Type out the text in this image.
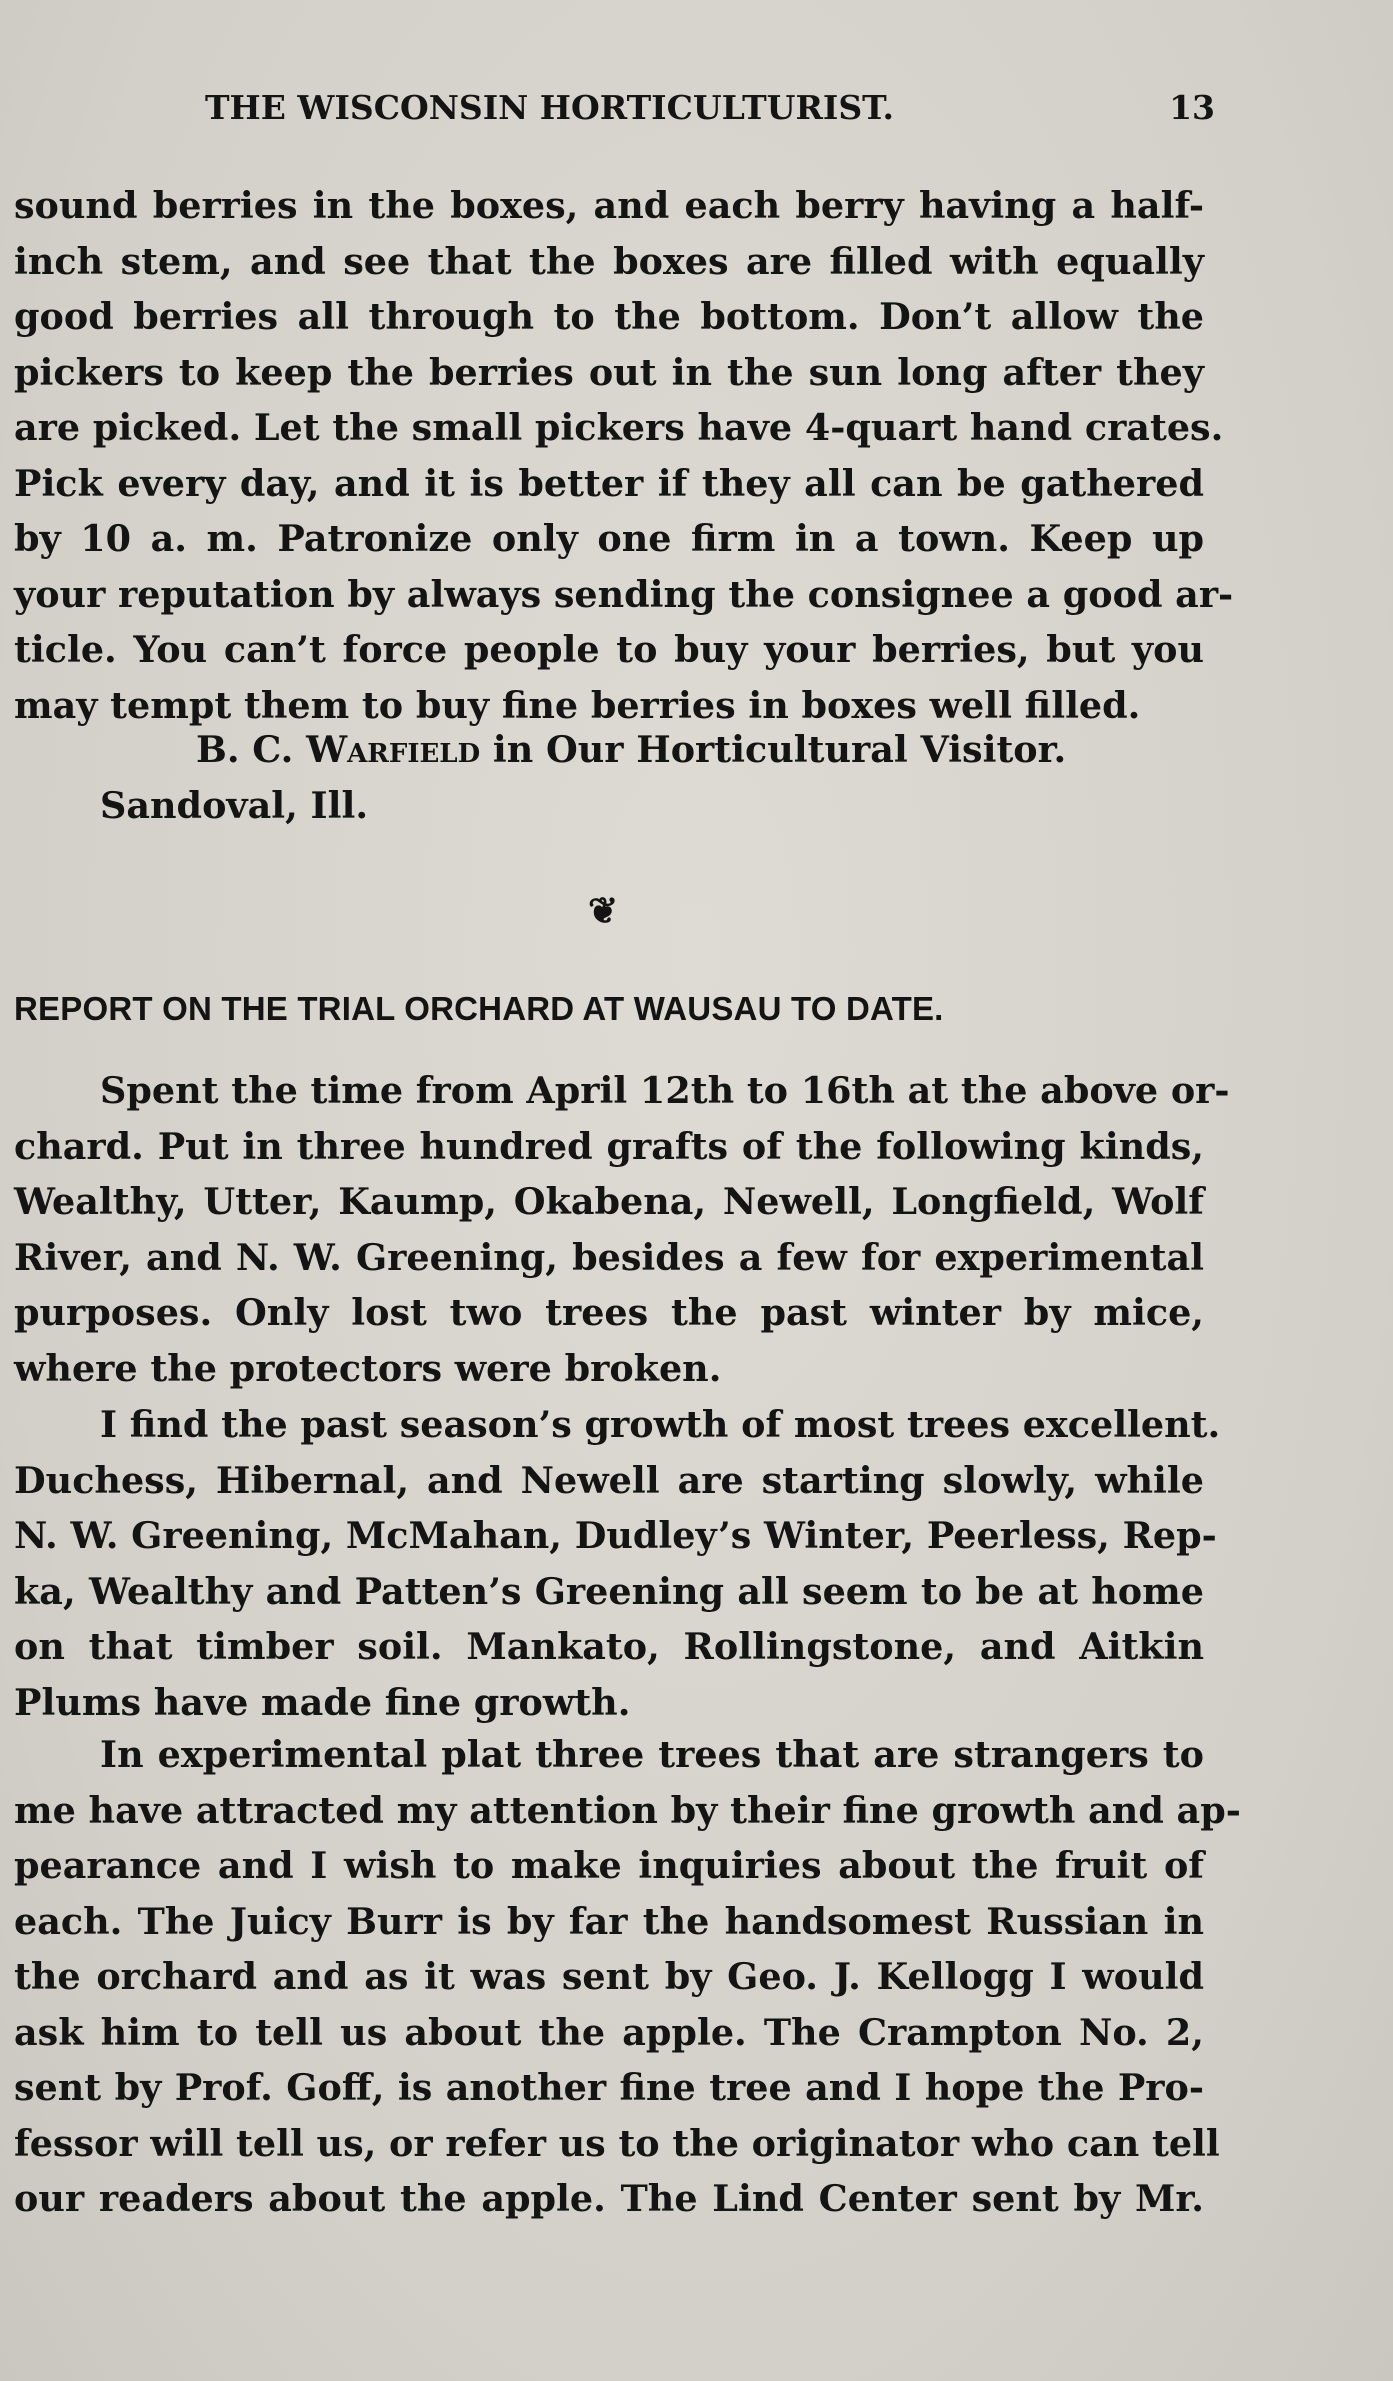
THE WISCONSIN HORTICULTURIST.	13
sound berries in the boxes, and each berry having a half-
inch stem, and see that the boxes are filled with equally
good berries all through to the bottom. Don’t allow the
pickers to keep the berries out in the sun long after they
are picked. Let the small pickers have 4-quart hand crates.
Pick every day, and it is better if they all can be gathered
by 10 a. m. Patronize only one firm in a town. Keep up
your reputation by always sending the consignee a good ar-
ticle. You can’t force people to buy your berries, but you
may tempt them to buy fine berries in boxes well filled.
B. C. Warfield in Our Horticultural Visitor.
Sandoval, Ill.
❦
REPORT ON THE TRIAL ORCHARD AT WAUSAU TO DATE.
Spent the time from April 12th to 16th at the above or-
chard. Put in three hundred grafts of the following kinds,
Wealthy, Utter, Kaump, Okabena, Newell, Longfield, Wolf
River, and N. W. Greening, besides a few for experimental
purposes. Only lost two trees the past winter by mice,
where the protectors were broken.
I find the past season’s growth of most trees excellent.
Duchess, Hibernal, and Newell are starting slowly, while
N. W. Greening, McMahan, Dudley’s Winter, Peerless, Rep-
ka, Wealthy and Patten’s Greening all seem to be at home
on that timber soil. Mankato, Rollingstone, and Aitkin
Plums have made fine growth.
In experimental plat three trees that are strangers to
me have attracted my attention by their fine growth and ap-
pearance and I wish to make inquiries about the fruit of
each. The Juicy Burr is by far the handsomest Russian in
the orchard and as it was sent by Geo. J. Kellogg I would
ask him to tell us about the apple. The Crampton No. 2,
sent by Prof. Goff, is another fine tree and I hope the Pro-
fessor will tell us, or refer us to the originator who can tell
our readers about the apple. The Lind Center sent by Mr.
